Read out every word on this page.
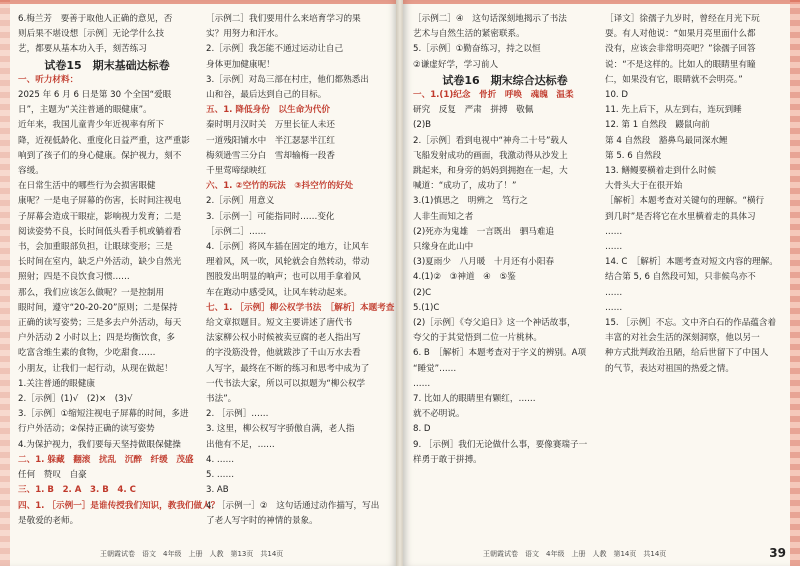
6.梅兰芳　要善于取他人正确的意见，否

则后果不堪设想［示例］无论学什么技

艺，都要从基本功入手，刻苦练习

试卷15　期末基础达标卷

一、听力材料：

2025 年 6 月 6 日是第 30 个全国“爱眼

日”，主题为“关注普通的眼健康”。

近年来，我国儿童青少年近视率有所下

降，近视低龄化、重度化日益严重，这严重影

响到了孩子们的身心健康。保护视力，刻不

容缓。

在日常生活中的哪些行为会损害眼健

康呢？一是电子屏幕的伤害，长时间注视电

子屏幕会造成干眼症，影响视力发育；二是

阅读姿势不良，长时间低头看手机或躺着看

书，会加重眼部负担，让眼球变形；三是

长时间在室内，缺乏户外活动，缺少自然光

照射；四是不良饮食习惯……

那么，我们应该怎么做呢？一是控制用

眼时间，遵守“20-20-20”原则；二是保持

正确的读写姿势；三是多去户外活动，每天

户外活动 2 小时以上；四是均衡饮食，多

吃富含维生素的食物，少吃甜食……

小朋友，让我们一起行动，从现在做起！

1.关注普通的眼健康

2.［示例］(1)√　(2)×　(3)√

3.［示例］①缩短注视电子屏幕的时间，多进

行户外活动；②保持正确的读写姿势

4.为保护视力，我们要每天坚持做眼保健操

二、1. 躲藏　翻滚　扰乱　沉醉　纤缓　茂盛

任何　赞叹　自豪

三、1. B　2. A　3. B　4. C

四、1. ［示例一］是谁传授我们知识，教我们做人？

是敬爱的老师。

［示例二］我们要用什么来培育学习的果

实？用努力和汗水。

2.［示例］我怎能不通过运动让自己

身体更加健康呢！

3.［示例］对岛三部在村庄，他们都熟悉出

山和谷，最后达到自己的目标。

五、1. 降低身份　以生命为代价

秦时明月汉时关　万里长征人未还

一道残阳铺水中　半江瑟瑟半江红

梅须逊雪三分白　雪却输梅一段香

千里莺啼绿映红

六、1. ②空竹的玩法　③抖空竹的好处

2.［示例］用意义

3.［示例一］可能指同时……变化

［示例二］……

4.［示例］将风车插在固定的地方，让风车

理着风，风一吹，风轮就会自然转动，带动

图股发出明显的响声；也可以用手拿着风

车在跑动中感受风，让风车转动起来。

七、1. ［示例］柳公权学书法　［解析］本题考查

给文章拟题目。短文主要讲述了唐代书

法家柳公权小时候被卖豆腐的老人指出写

的字没筋没骨，他就跋涉了千山万水去看

人写字，最终在不断的练习和思考中成为了

一代书法大家，所以可以拟题为“柳公权学

书法”。

2. ［示例］……

3. 这里，柳公权写字骄傲自满，老人指

出他有不足，……

4. ……

5. ……

3. AB

4. ［示例一］②　这句话通过动作描写，写出

了老人写字时的神情的景象。

王朝霞试卷　语文　4年级　上册　人教　第13页　共14页

［示例二］④　这句话深刻地揭示了书法

艺术与自然生活的紧密联系。

5.［示例］①勤奋练习，持之以恒

②谦虚好学，学习前人

试卷16　期末综合达标卷

一、1.(1)纪念　骨折　呼唤　魂魄　温柔

研究　反复　严肃　拼搏　敬佩

(2)B

2.［示例］看到电视中“神舟二十号”载人

飞船发射成功的画面，我激动得从沙发上

跳起来，和身旁的妈妈到拥抱在一起，大

喊道：“成功了，成功了！”

3.(1)慎思之　明辨之　笃行之

人非生而知之者

(2)死亦为鬼雄　一言既出　驷马难追

只缘身在此山中

(3)夏雨少　八月暖　十月还有小阳春

4.(1)②　③神道　④　⑤鉴

(2)C

5.(1)C

(2)［示例］《夸父追日》这一个神话故事，

夸父的于其觉悟到二位一片桃林。

6. B　［解析］本题考查对于字义的辨别。A项

“睡觉”……

……

7. 比如人的眼睛里有颗红，……

就不必明说。

8. D

9. ［示例］我们无论做什么事，要像赛瑞子一

样勇于敢于拼搏。

［译文］徐孺子九岁时，曾经在月光下玩

耍。有人对他说：“如果月亮里面什么都

没有，应该会非常明亮吧？”徐孺子回答

说：“不是这样的。比如人的眼睛里有瞳

仁，如果没有它，眼睛就不会明亮。”

10. D

11. 先上后下，从左到右，连玩到睡

12. 第 1 自然段　鼹鼠向前

第 4 自然段　豁鼻鸟最同深水鲤

第 5. 6 自然段

13. 鳝鳗要横着走到什么时候

大骨头大于在很开始

［解析］本题考查对关键句的理解。“横行

到几时”是否将它在水里横着走的具体习

……

……

14. C　［解析］本题考查对短文内容的理解。

结合第 5, 6 自然段可知，只非候鸟亦不

……

……

15. ［示例］不忘。文中齐白石的作品蕴含着

丰富的对社会生活的深刻洞察，他以另一

种方式批判政治丑陋，给后世留下了中国人

的气节，表达对祖国的热爱之情。

王朝霞试卷　语文　4年级　上册　人教　第14页　共14页	39
